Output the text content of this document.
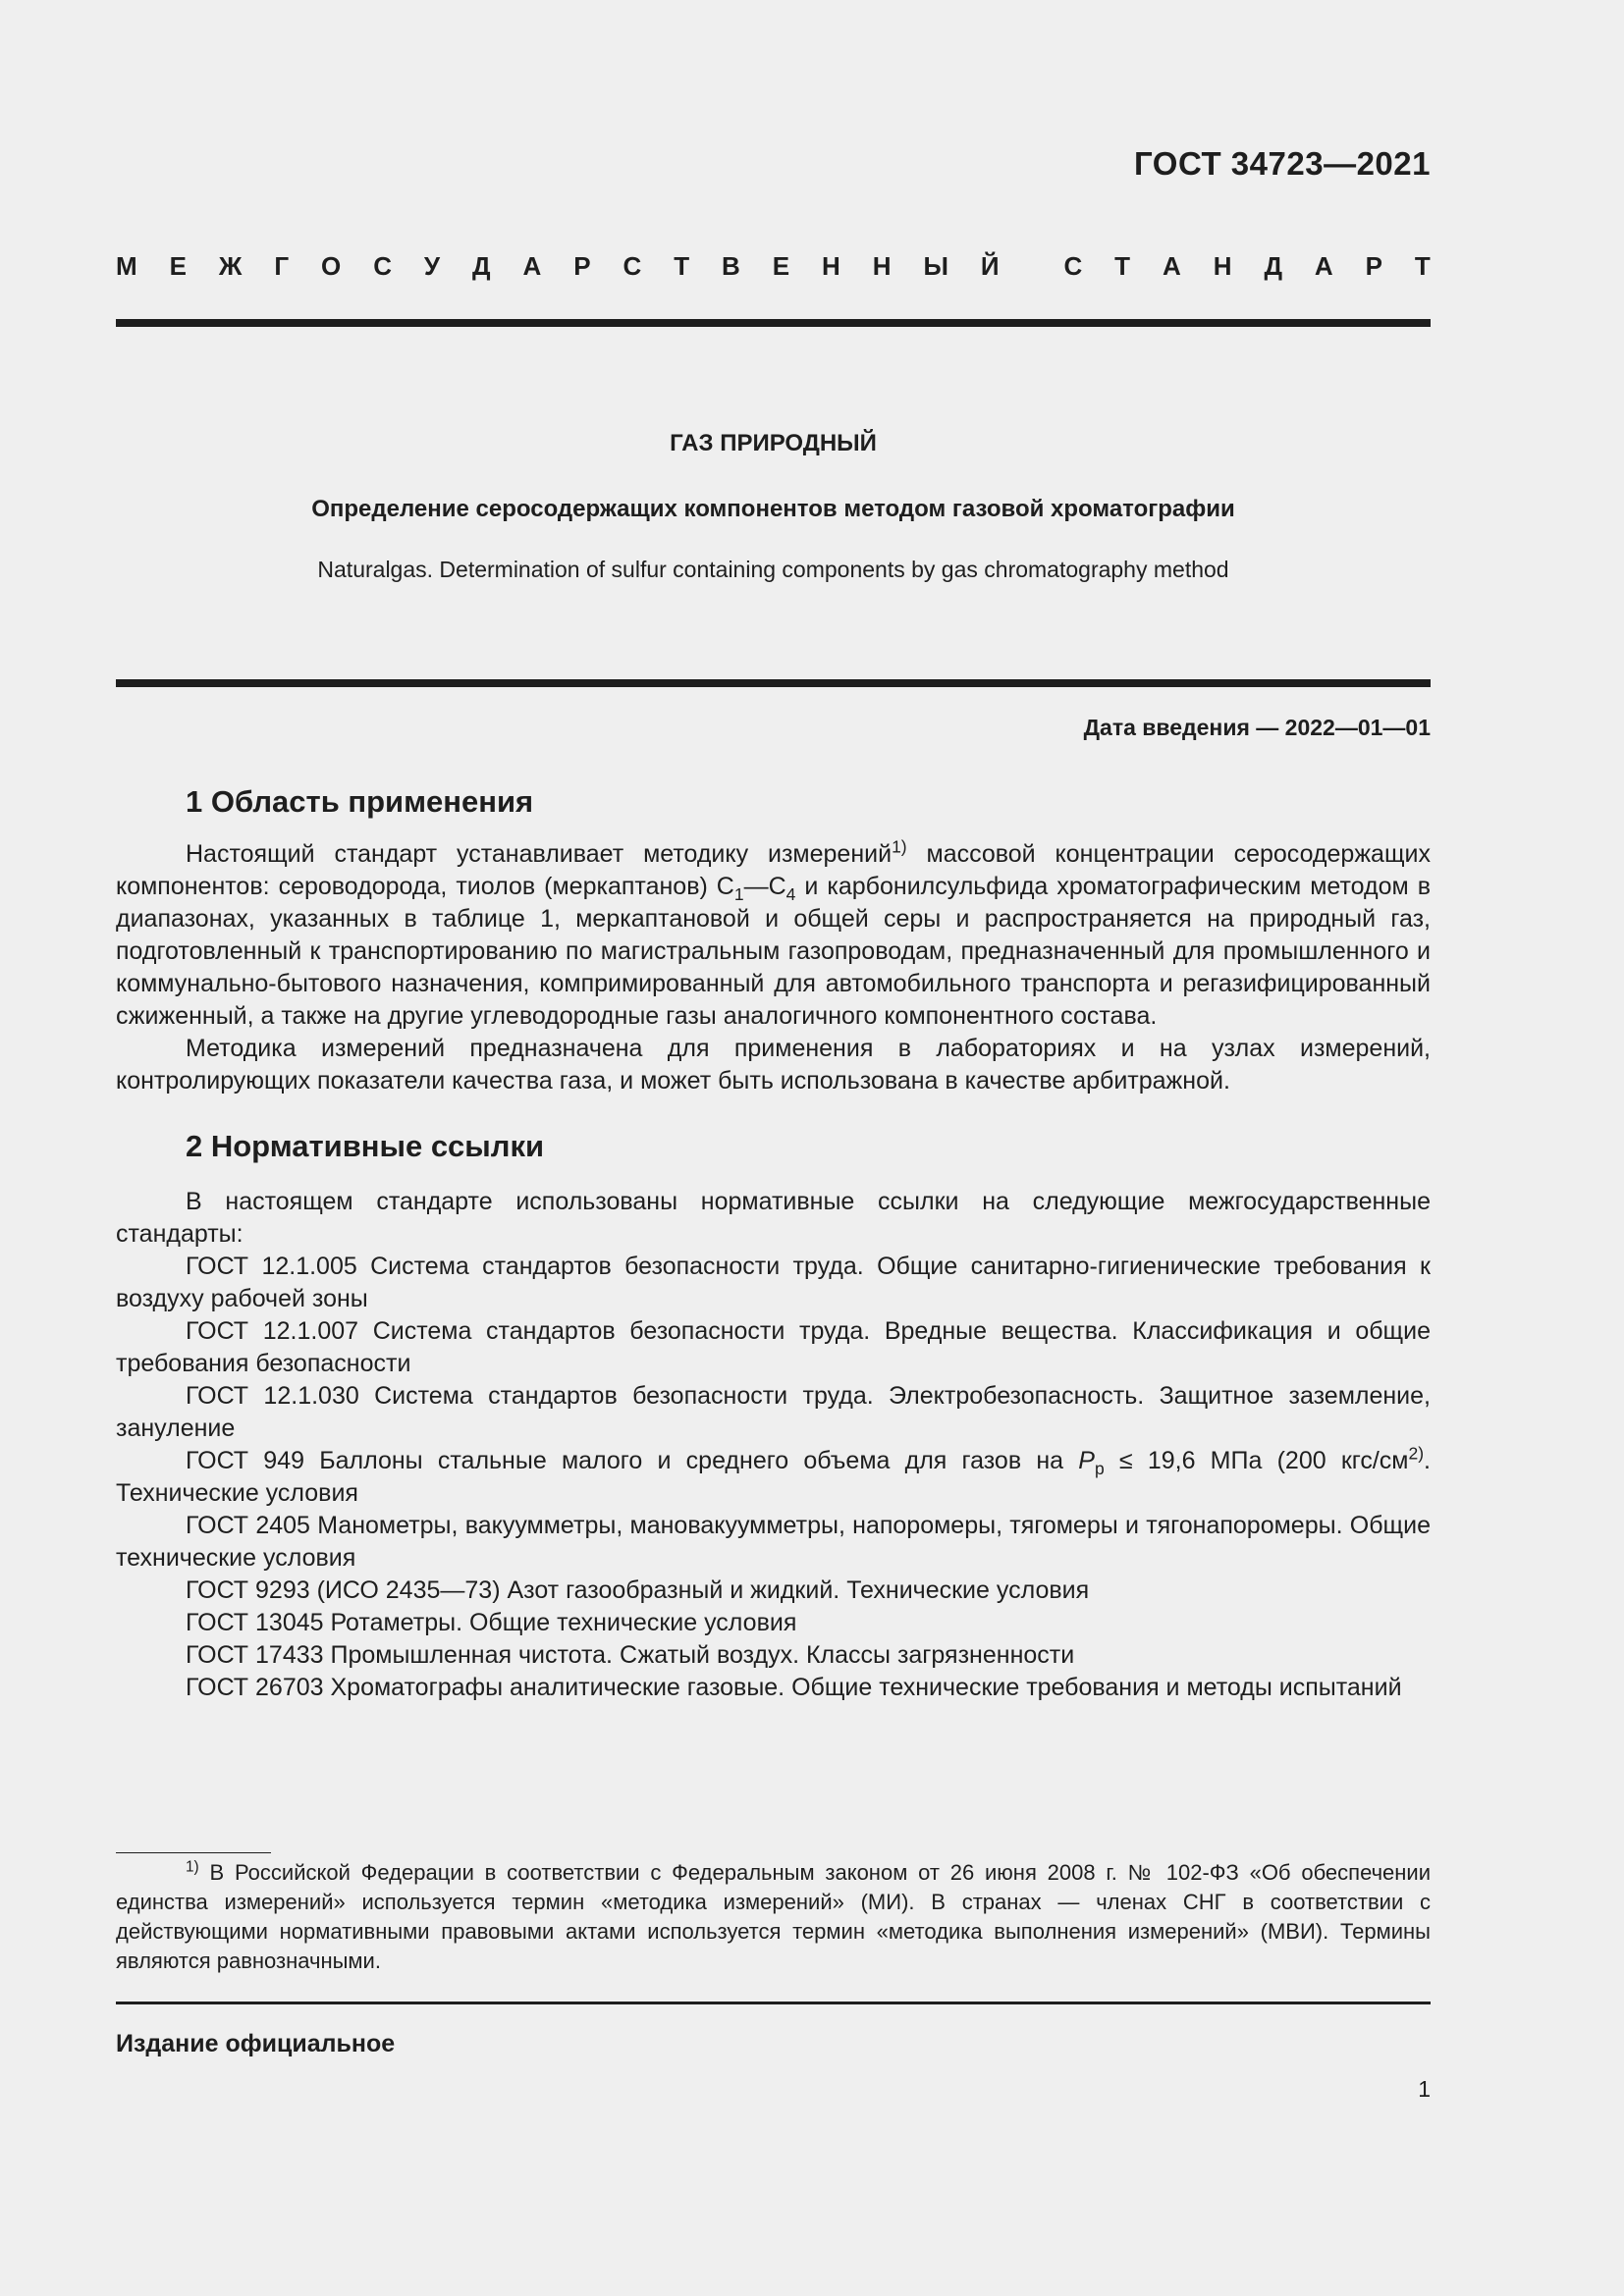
ГОСТ 34723—2021
М Е Ж Г О С У Д А Р С Т В Е Н Н Ы Й	С Т А Н Д А Р Т
ГАЗ ПРИРОДНЫЙ
Определение серосодержащих компонентов методом газовой хроматографии
Naturalgas. Determination of sulfur containing components by gas chromatography method
Дата введения — 2022—01—01
1 Область применения

Настоящий стандарт устанавливает методику измерений$^{1)}$ массовой концентрации серосодержащих компонентов: сероводорода, тиолов (меркаптанов) $С_1—С_4$ и карбонилсульфида хроматографическим методом в диапазонах, указанных в таблице 1, меркаптановой и общей серы и распространяется на природный газ, подготовленный к транспортированию по магистральным газопроводам, предназначенный для промышленного и коммунально-бытового назначения, компримированный для автомобильного транспорта и регазифицированный сжиженный, а также на другие углеводородные газы аналогичного компонентного состава.

Методика измерений предназначена для применения в лабораториях и на узлах измерений, контролирующих показатели качества газа, и может быть использована в качестве арбитражной.

2 Нормативные ссылки

В настоящем стандарте использованы нормативные ссылки на следующие межгосударственные стандарты:

ГОСТ 12.1.005 Система стандартов безопасности труда. Общие санитарно-гигиенические требования к воздуху рабочей зоны

ГОСТ 12.1.007 Система стандартов безопасности труда. Вредные вещества. Классификация и общие требования безопасности

ГОСТ 12.1.030 Система стандартов безопасности труда. Электробезопасность. Защитное заземление, зануление

ГОСТ 949 Баллоны стальные малого и среднего объема для газов на $P_р \le 19,6$ МПа (200 кгс/$см^{2)}$. Технические условия

ГОСТ 2405 Манометры, вакуумметры, мановакуумметры, напоромеры, тягомеры и тягонапоромеры. Общие технические условия

ГОСТ 9293 (ИСО 2435—73) Азот газообразный и жидкий. Технические условия

ГОСТ 13045 Ротаметры. Общие технические условия

ГОСТ 17433 Промышленная чистота. Сжатый воздух. Классы загрязненности

ГОСТ 26703 Хроматографы аналитические газовые. Общие технические требования и методы испытаний

$^{1)}$ В Российской Федерации в соответствии с Федеральным законом от 26 июня 2008 г. № 102-ФЗ «Об обеспечении единства измерений» используется термин «методика измерений» (МИ). В странах — членах СНГ в соответствии с действующими нормативными правовыми актами используется термин «методика выполнения измерений» (МВИ). Термины являются равнозначными.

Издание официальное
1
